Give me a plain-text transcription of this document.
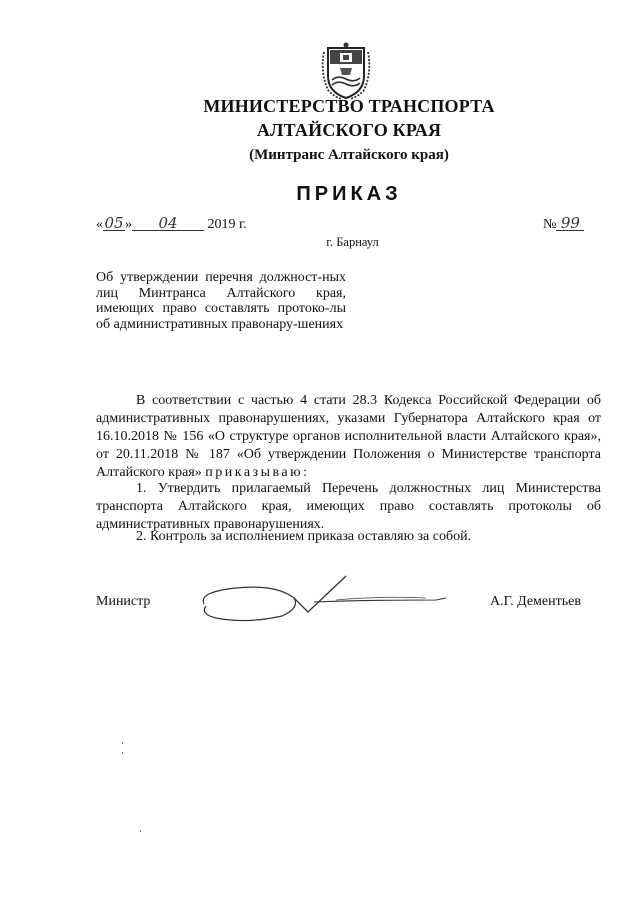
МИНИСТЕРСТВО ТРАНСПОРТА
АЛТАЙСКОГО КРАЯ
(Минтранс Алтайского края)
ПРИКАЗ
«05» 04 2019 г.	№ 99
г. Барнаул
Об утверждении перечня должност-ных лиц Минтранса Алтайского края, имеющих право составлять протоко-лы об административных правонару-шениях
В соответствии с частью 4 стати 28.3 Кодекса Российской Федерации об административных правонарушениях, указами Губернатора Алтайского края от 16.10.2018 № 156 «О структуре органов исполнительной власти Алтайского края», от 20.11.2018 № 187 «Об утверждении Положения о Министерстве транспорта Алтайского края» приказываю:
1. Утвердить прилагаемый Перечень должностных лиц Министерства транспорта Алтайского края, имеющих право составлять протоколы об административных правонарушениях.
2. Контроль за исполнением приказа оставляю за собой.
Министр	А.Г. Дементьев
